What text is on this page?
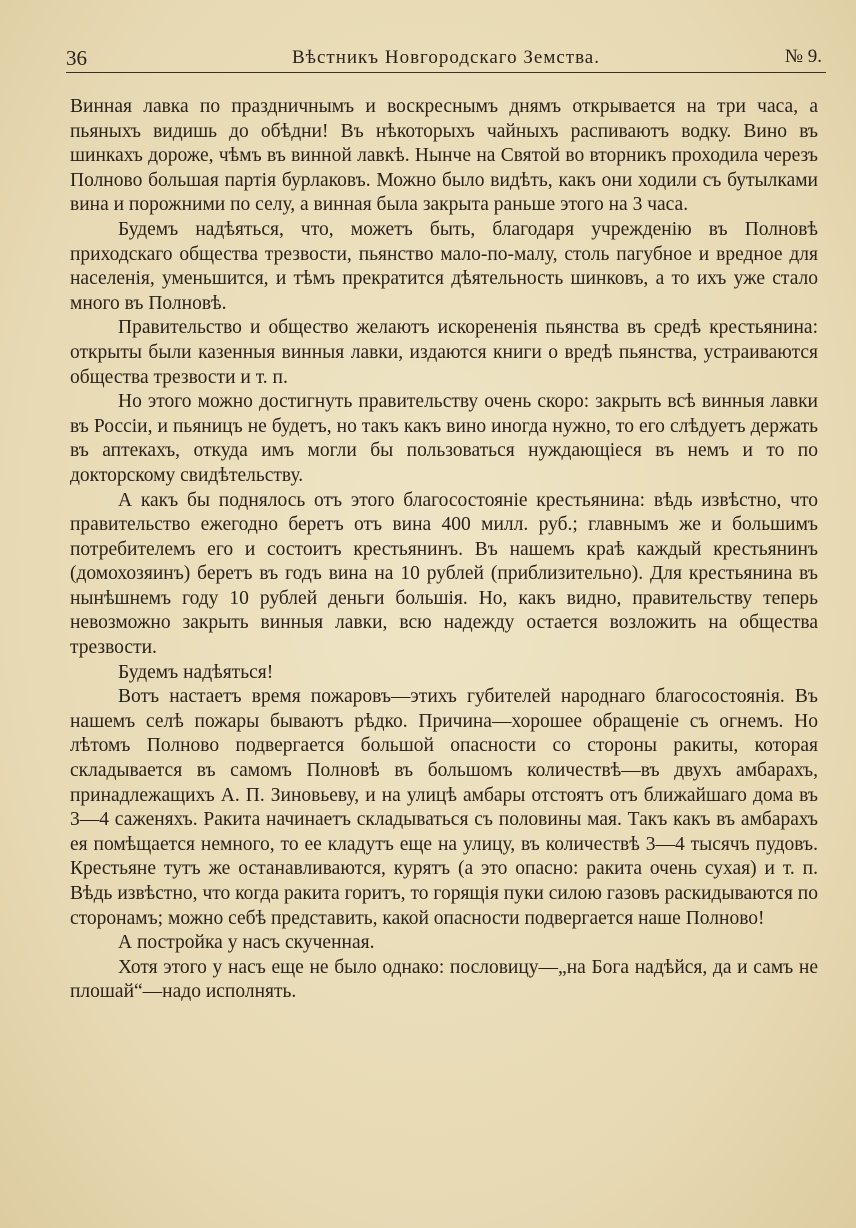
36	Вѣстникъ Новгородскаго Земства.	№ 9.

Винная лавка по праздничнымъ и воскреснымъ днямъ открывается на три часа, а пьяныхъ видишь до обѣдни! Въ нѣкоторыхъ чайныхъ распиваютъ водку. Вино въ шинкахъ дороже, чѣмъ въ винной лавкѣ. Нынче на Святой во вторникъ проходила черезъ Полново большая партія бурлаковъ. Можно было видѣть, какъ они ходили съ бутылками вина и порожними по селу, а винная была закрыта раньше этого на 3 часа.

Будемъ надѣяться, что, можетъ быть, благодаря учрежденію въ Полновѣ приходскаго общества трезвости, пьянство мало-по-малу, столь пагубное и вредное для населенія, уменьшится, и тѣмъ прекратится дѣятельность шинковъ, а то ихъ уже стало много въ Полновѣ.

Правительство и общество желаютъ искорененія пьянства въ средѣ крестьянина: открыты были казенныя винныя лавки, издаются книги о вредѣ пьянства, устраиваются общества трезвости и т. п.

Но этого можно достигнуть правительству очень скоро: закрыть всѣ винныя лавки въ Россіи, и пьяницъ не будетъ, но такъ какъ вино иногда нужно, то его слѣдуетъ держать въ аптекахъ, откуда имъ могли бы пользоваться нуждающіеся въ немъ и то по докторскому свидѣтельству.

А какъ бы поднялось отъ этого благосостояніе крестьянина: вѣдь извѣстно, что правительство ежегодно беретъ отъ вина 400 милл. руб.; главнымъ же и большимъ потребителемъ его и состоитъ крестьянинъ. Въ нашемъ краѣ каждый крестьянинъ (домохозяинъ) беретъ въ годъ вина на 10 рублей (приблизительно). Для крестьянина въ нынѣшнемъ году 10 рублей деньги большія. Но, какъ видно, правительству теперь невозможно закрыть винныя лавки, всю надежду остается возложить на общества трезвости.

Будемъ надѣяться!

Вотъ настаетъ время пожаровъ—этихъ губителей народнаго благосостоянія. Въ нашемъ селѣ пожары бываютъ рѣдко. Причина—хорошее обращеніе съ огнемъ. Но лѣтомъ Полново подвергается большой опасности со стороны ракиты, которая складывается въ самомъ Полновѣ въ большомъ количествѣ—въ двухъ амбарахъ, принадлежащихъ А. П. Зиновьеву, и на улицѣ амбары отстоятъ отъ ближайшаго дома въ 3—4 саженяхъ. Ракита начинаетъ складываться съ половины мая. Такъ какъ въ амбарахъ ея помѣщается немного, то ее кладутъ еще на улицу, въ количествѣ 3—4 тысячъ пудовъ. Крестьяне тутъ же останавливаются, курятъ (а это опасно: ракита очень сухая) и т. п. Вѣдь извѣстно, что когда ракита горитъ, то горящія пуки силою газовъ раскидываются по сторонамъ; можно себѣ представить, какой опасности подвергается наше Полново!

А постройка у насъ скученная.

Хотя этого у насъ еще не было однако: пословицу—„на Бога надѣйся, да и самъ не плошай“—надо исполнять.
